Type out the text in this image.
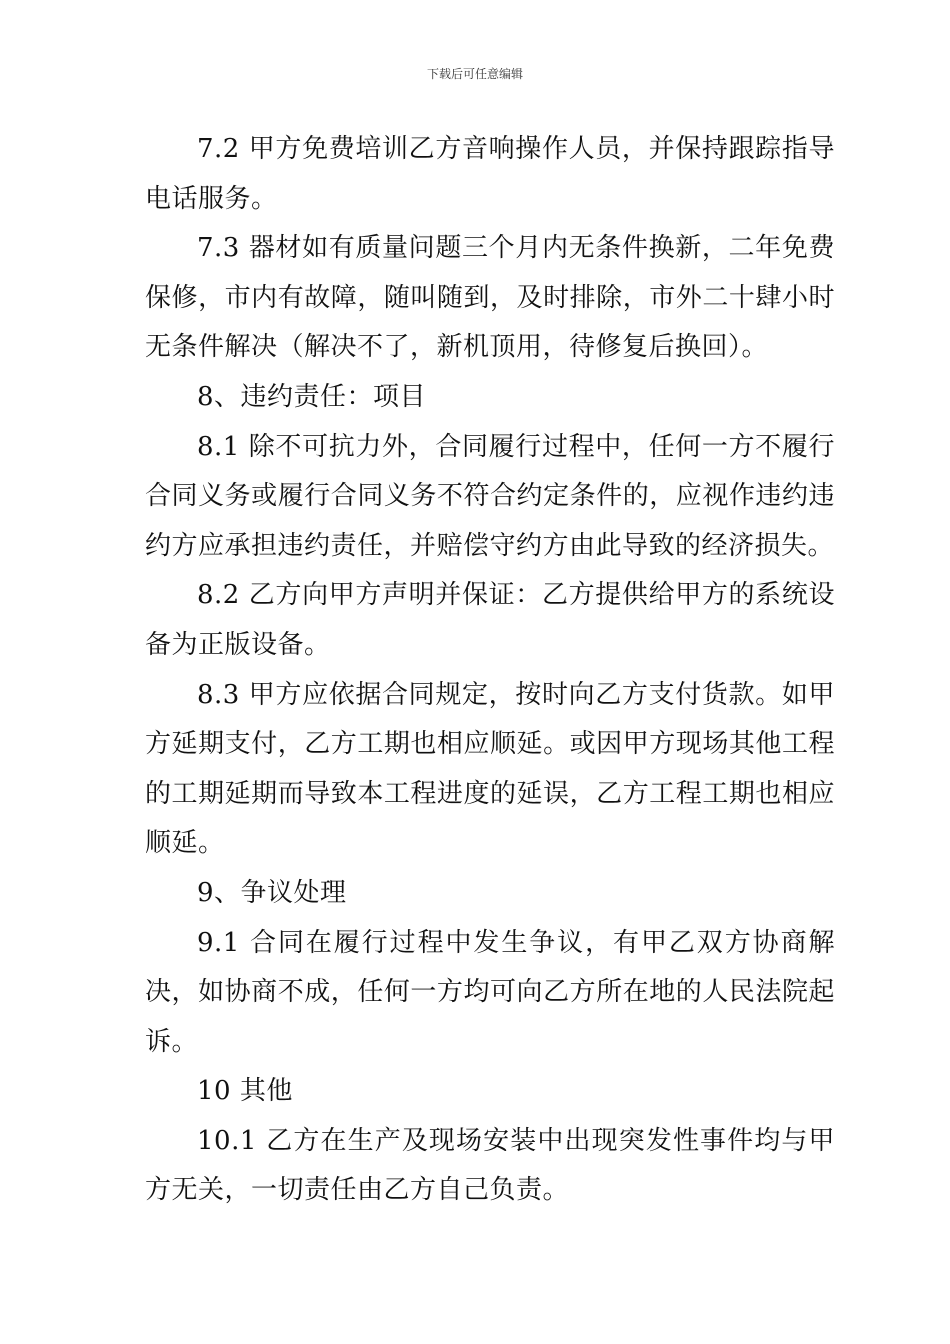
下载后可任意编辑

7.2 甲方免费培训乙方音响操作人员，并保持跟踪指导电话服务。

7.3 器材如有质量问题三个月内无条件换新，二年免费保修，市内有故障，随叫随到，及时排除，市外二十肆小时无条件解决（解决不了，新机顶用，待修复后换回）。

8、违约责任：项目

8.1 除不可抗力外，合同履行过程中，任何一方不履行合同义务或履行合同义务不符合约定条件的，应视作违约违约方应承担违约责任，并赔偿守约方由此导致的经济损失。

8.2 乙方向甲方声明并保证：乙方提供给甲方的系统设备为正版设备。

8.3 甲方应依据合同规定，按时向乙方支付货款。如甲方延期支付，乙方工期也相应顺延。或因甲方现场其他工程的工期延期而导致本工程进度的延误，乙方工程工期也相应顺延。

9、争议处理

9.1 合同在履行过程中发生争议，有甲乙双方协商解决，如协商不成，任何一方均可向乙方所在地的人民法院起诉。

10 其他

10.1 乙方在生产及现场安装中出现突发性事件均与甲方无关，一切责任由乙方自己负责。
